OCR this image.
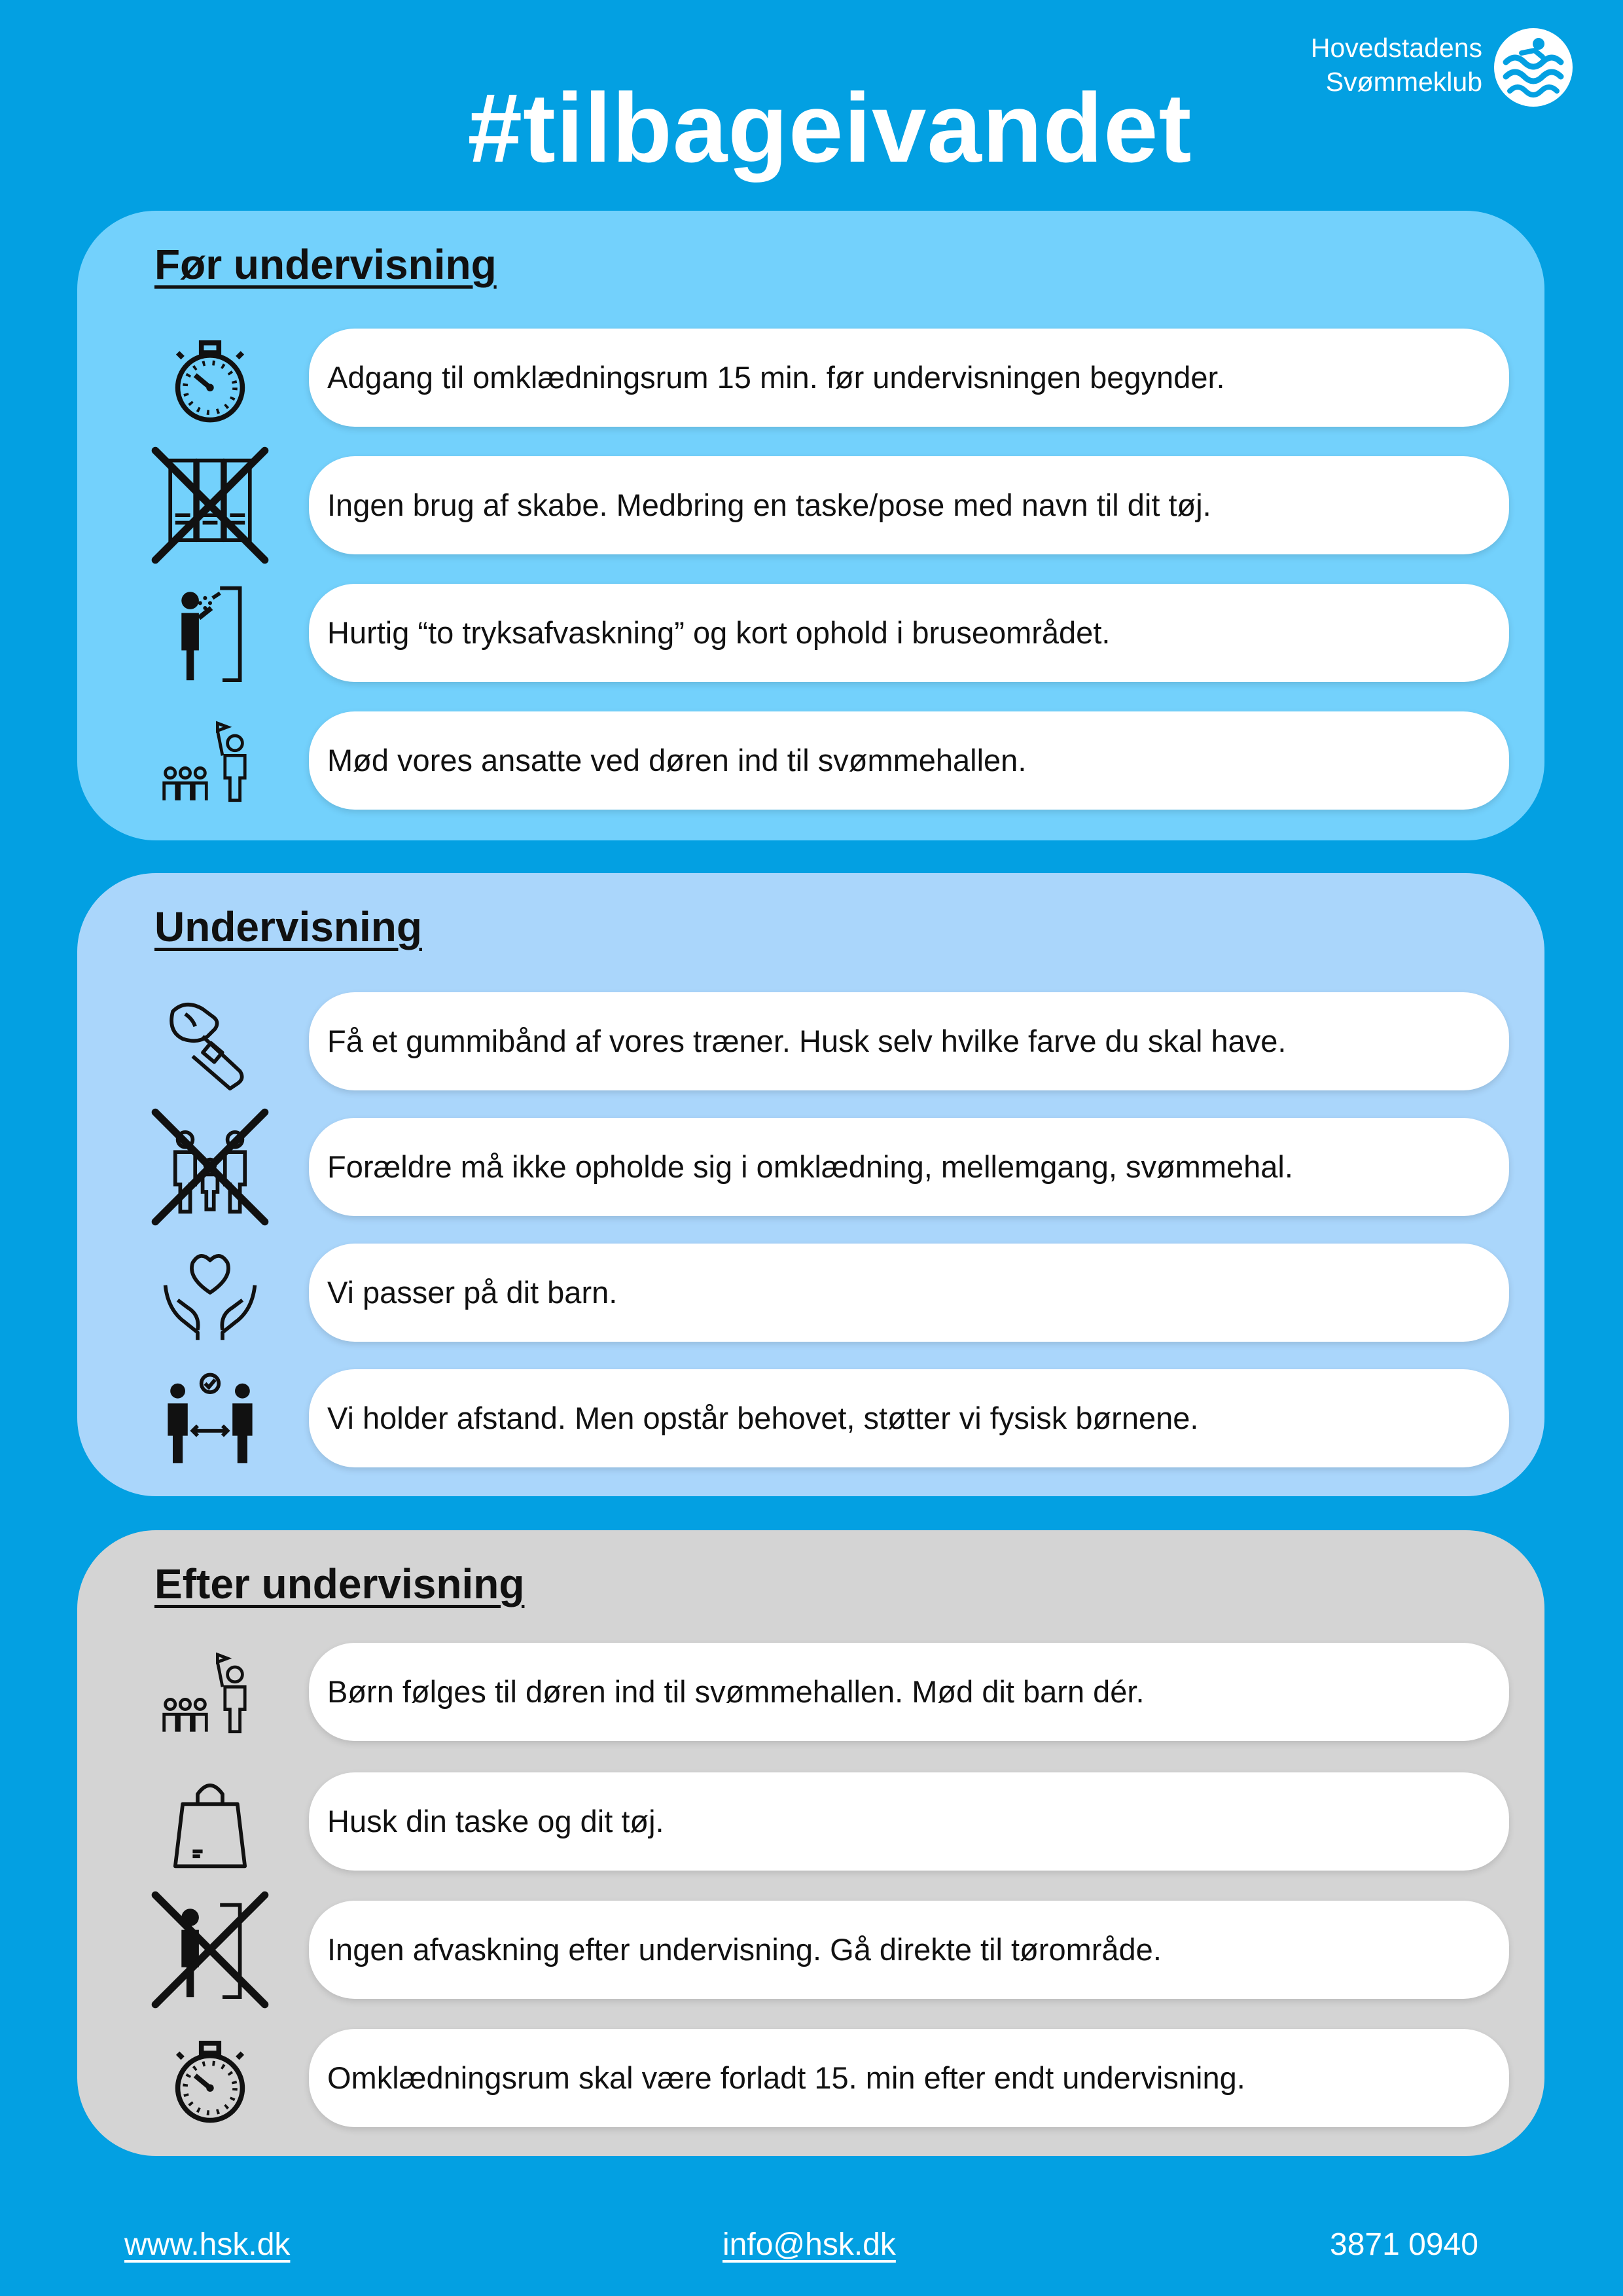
#tilbageivandet
Hovedstadens
Svømmeklub
Før undervisning
Adgang til omklædningsrum 15 min. før undervisningen begynder.
Ingen brug af skabe. Medbring en taske/pose med navn til dit tøj.
Hurtig “to tryksafvaskning” og kort ophold i bruseområdet.
Mød vores ansatte ved døren ind til svømmehallen.
Undervisning
Få et gummibånd af vores træner. Husk selv hvilke farve du skal have.
Forældre må ikke opholde sig i omklædning, mellemgang, svømmehal.
Vi passer på dit barn.
Vi holder afstand. Men opstår behovet, støtter vi fysisk børnene.
Efter undervisning
Børn følges til døren ind til svømmehallen. Mød dit barn dér.
Husk din taske og dit tøj.
Ingen afvaskning efter undervisning. Gå direkte til tørområde.
Omklædningsrum skal være forladt 15. min efter endt undervisning.
www.hsk.dk	info@hsk.dk	3871 0940
